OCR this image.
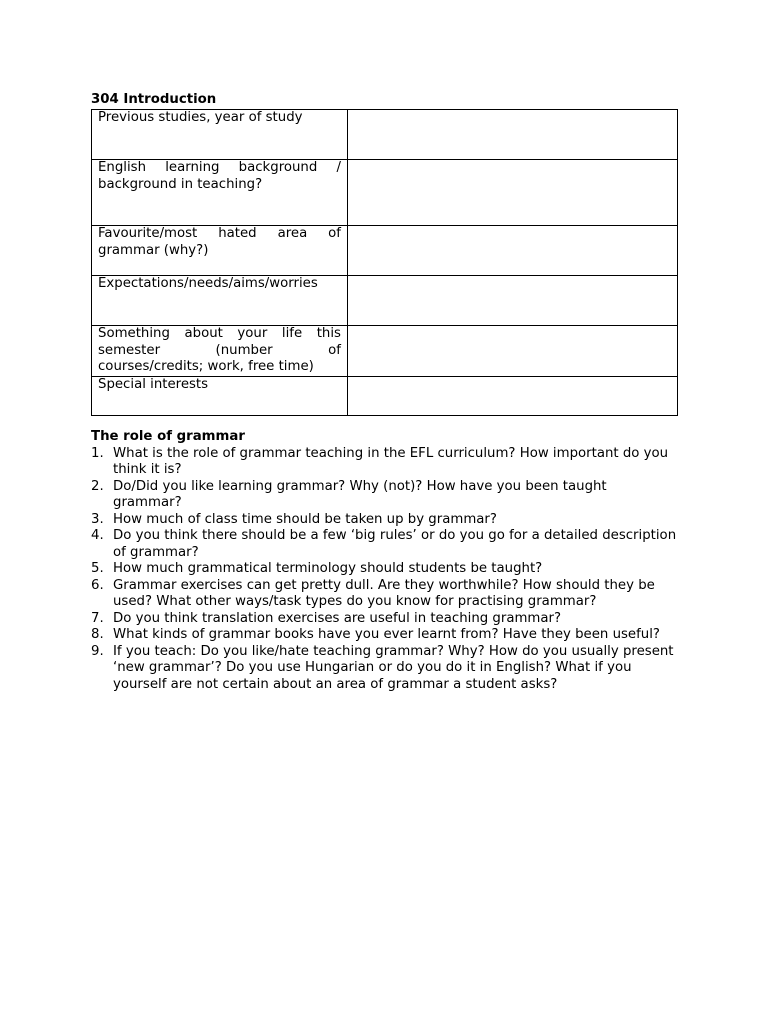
304 Introduction

Previous studies, year of study	
English learning background / background in teaching?	
Favourite/most hated area of grammar (why?)	
Expectations/needs/aims/worries	
Something about your life this semester (number of courses/credits; work, free time)	
Special interests	

The role of grammar

1. What is the role of grammar teaching in the EFL curriculum? How important do you think it is?
2. Do/Did you like learning grammar? Why (not)? How have you been taught grammar?
3. How much of class time should be taken up by grammar?
4. Do you think there should be a few ‘big rules’ or do you go for a detailed description of grammar?
5. How much grammatical terminology should students be taught?
6. Grammar exercises can get pretty dull. Are they worthwhile? How should they be used? What other ways/task types do you know for practising grammar?
7. Do you think translation exercises are useful in teaching grammar?
8. What kinds of grammar books have you ever learnt from? Have they been useful?
9. If you teach: Do you like/hate teaching grammar? Why? How do you usually present ‘new grammar’? Do you use Hungarian or do you do it in English? What if you yourself are not certain about an area of grammar a student asks?
